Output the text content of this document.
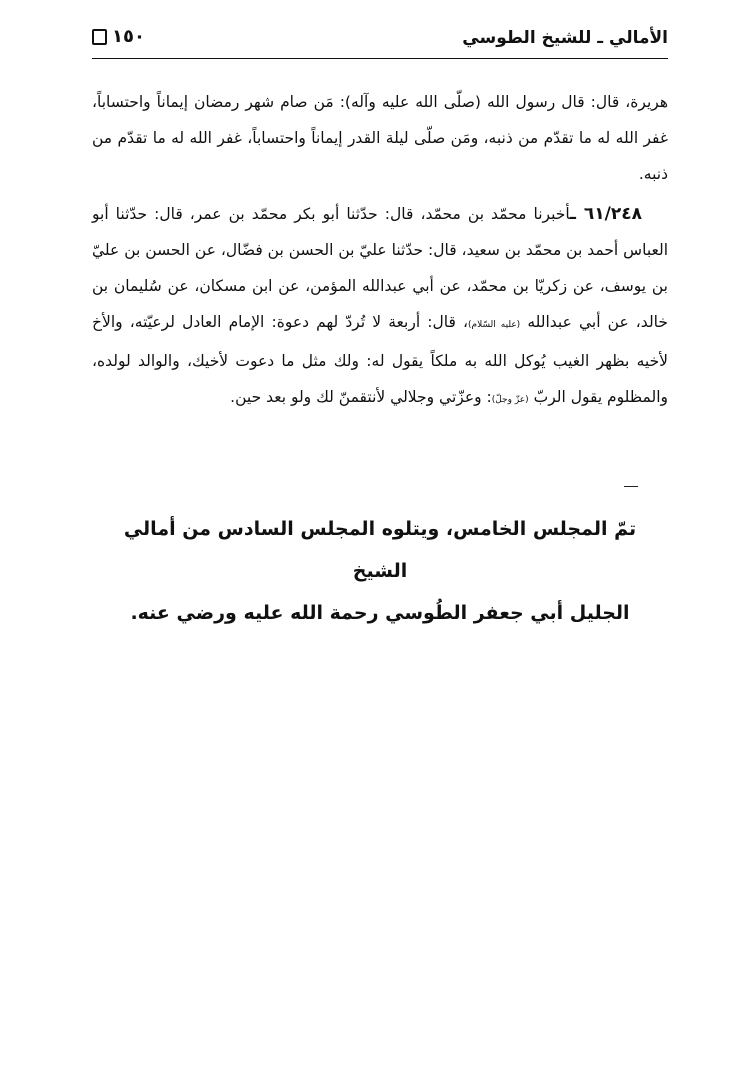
الأمالي ـ للشيخ الطوسي
١٥٠

هريرة، قال: قال رسول الله (صلّى الله عليه وآله): مَن صام شهر رمضان إيماناً واحتساباً، غفر الله له ما تقدّم من ذنبه، ومَن صلّى ليلة القدر إيماناً واحتساباً، غفر الله له ما تقدّم من ذنبه.

٦١/٢٤٨ ـأخبرنا محمّد بن محمّد، قال: حدّثنا أبو بكر محمّد بن عمر، قال: حدّثنا أبو العباس أحمد بن محمّد بن سعيد، قال: حدّثنا عليّ بن الحسن بن فضّال، عن الحسن بن عليّ بن يوسف، عن زكريّا بن محمّد، عن أبي عبدالله المؤمن، عن ابن مسكان، عن سُليمان بن خالد، عن أبي عبدالله (عليه السّلام)، قال: أربعة لا تُردّ لهم دعوة: الإمام العادل لرعيّته، والأخ لأخيه بظهر الغيب يُوكل الله به ملكاً يقول له: ولك مثل ما دعوت لأخيك، والوالد لولده، والمظلوم يقول الربّ (عزّ وجلّ): وعزّتي وجلالي لأنتقمنّ لك ولو بعد حين.

تمّ المجلس الخامس، ويتلوه المجلس السادس من أمالي الشيخ

الجليل أبي جعفر الطُوسي رحمة الله عليه ورضي عنه.
